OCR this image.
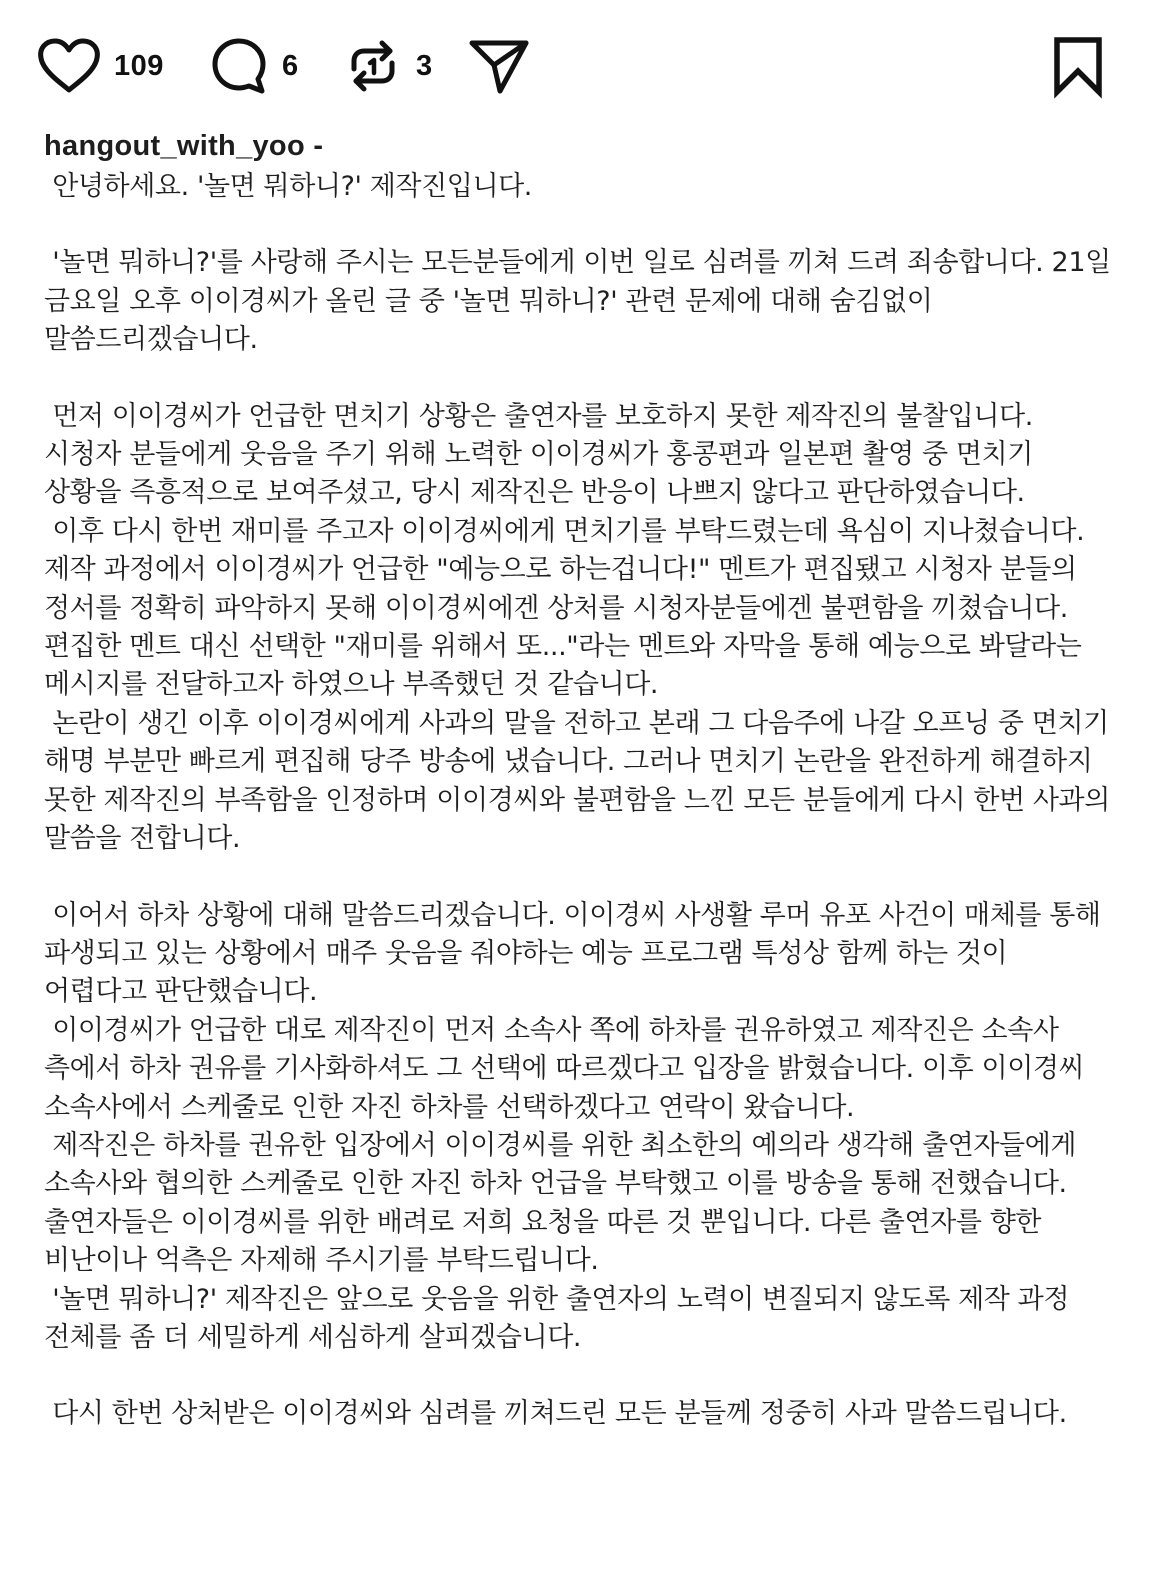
109	6	3
hangout_with_yoo -

안녕하세요. '놀면 뭐하니?' 제작진입니다.

'놀면 뭐하니?'를 사랑해 주시는 모든분들에게 이번 일로 심려를 끼쳐 드려 죄송합니다. 21일 금요일 오후 이이경씨가 올린 글 중 '놀면 뭐하니?' 관련 문제에 대해 숨김없이 말씀드리겠습니다.

먼저 이이경씨가 언급한 면치기 상황은 출연자를 보호하지 못한 제작진의 불찰입니다. 시청자 분들에게 웃음을 주기 위해 노력한 이이경씨가 홍콩편과 일본편 촬영 중 면치기 상황을 즉흥적으로 보여주셨고, 당시 제작진은 반응이 나쁘지 않다고 판단하였습니다.

이후 다시 한번 재미를 주고자 이이경씨에게 면치기를 부탁드렸는데 욕심이 지나쳤습니다. 제작 과정에서 이이경씨가 언급한 "예능으로 하는겁니다!" 멘트가 편집됐고 시청자 분들의 정서를 정확히 파악하지 못해 이이경씨에겐 상처를 시청자분들에겐 불편함을 끼쳤습니다. 편집한 멘트 대신 선택한 "재미를 위해서 또..."라는 멘트와 자막을 통해 예능으로 봐달라는 메시지를 전달하고자 하였으나 부족했던 것 같습니다.

논란이 생긴 이후 이이경씨에게 사과의 말을 전하고 본래 그 다음주에 나갈 오프닝 중 면치기 해명 부분만 빠르게 편집해 당주 방송에 냈습니다. 그러나 면치기 논란을 완전하게 해결하지 못한 제작진의 부족함을 인정하며 이이경씨와 불편함을 느낀 모든 분들에게 다시 한번 사과의 말씀을 전합니다.

이어서 하차 상황에 대해 말씀드리겠습니다. 이이경씨 사생활 루머 유포 사건이 매체를 통해 파생되고 있는 상황에서 매주 웃음을 줘야하는 예능 프로그램 특성상 함께 하는 것이 어렵다고 판단했습니다.

이이경씨가 언급한 대로 제작진이 먼저 소속사 쪽에 하차를 권유하였고 제작진은 소속사 측에서 하차 권유를 기사화하셔도 그 선택에 따르겠다고 입장을 밝혔습니다. 이후 이이경씨 소속사에서 스케줄로 인한 자진 하차를 선택하겠다고 연락이 왔습니다.

제작진은 하차를 권유한 입장에서 이이경씨를 위한 최소한의 예의라 생각해 출연자들에게 소속사와 협의한 스케줄로 인한 자진 하차 언급을 부탁했고 이를 방송을 통해 전했습니다. 출연자들은 이이경씨를 위한 배려로 저희 요청을 따른 것 뿐입니다. 다른 출연자를 향한 비난이나 억측은 자제해 주시기를 부탁드립니다.

'놀면 뭐하니?' 제작진은 앞으로 웃음을 위한 출연자의 노력이 변질되지 않도록 제작 과정 전체를 좀 더 세밀하게 세심하게 살피겠습니다.

다시 한번 상처받은 이이경씨와 심려를 끼쳐드린 모든 분들께 정중히 사과 말씀드립니다.
